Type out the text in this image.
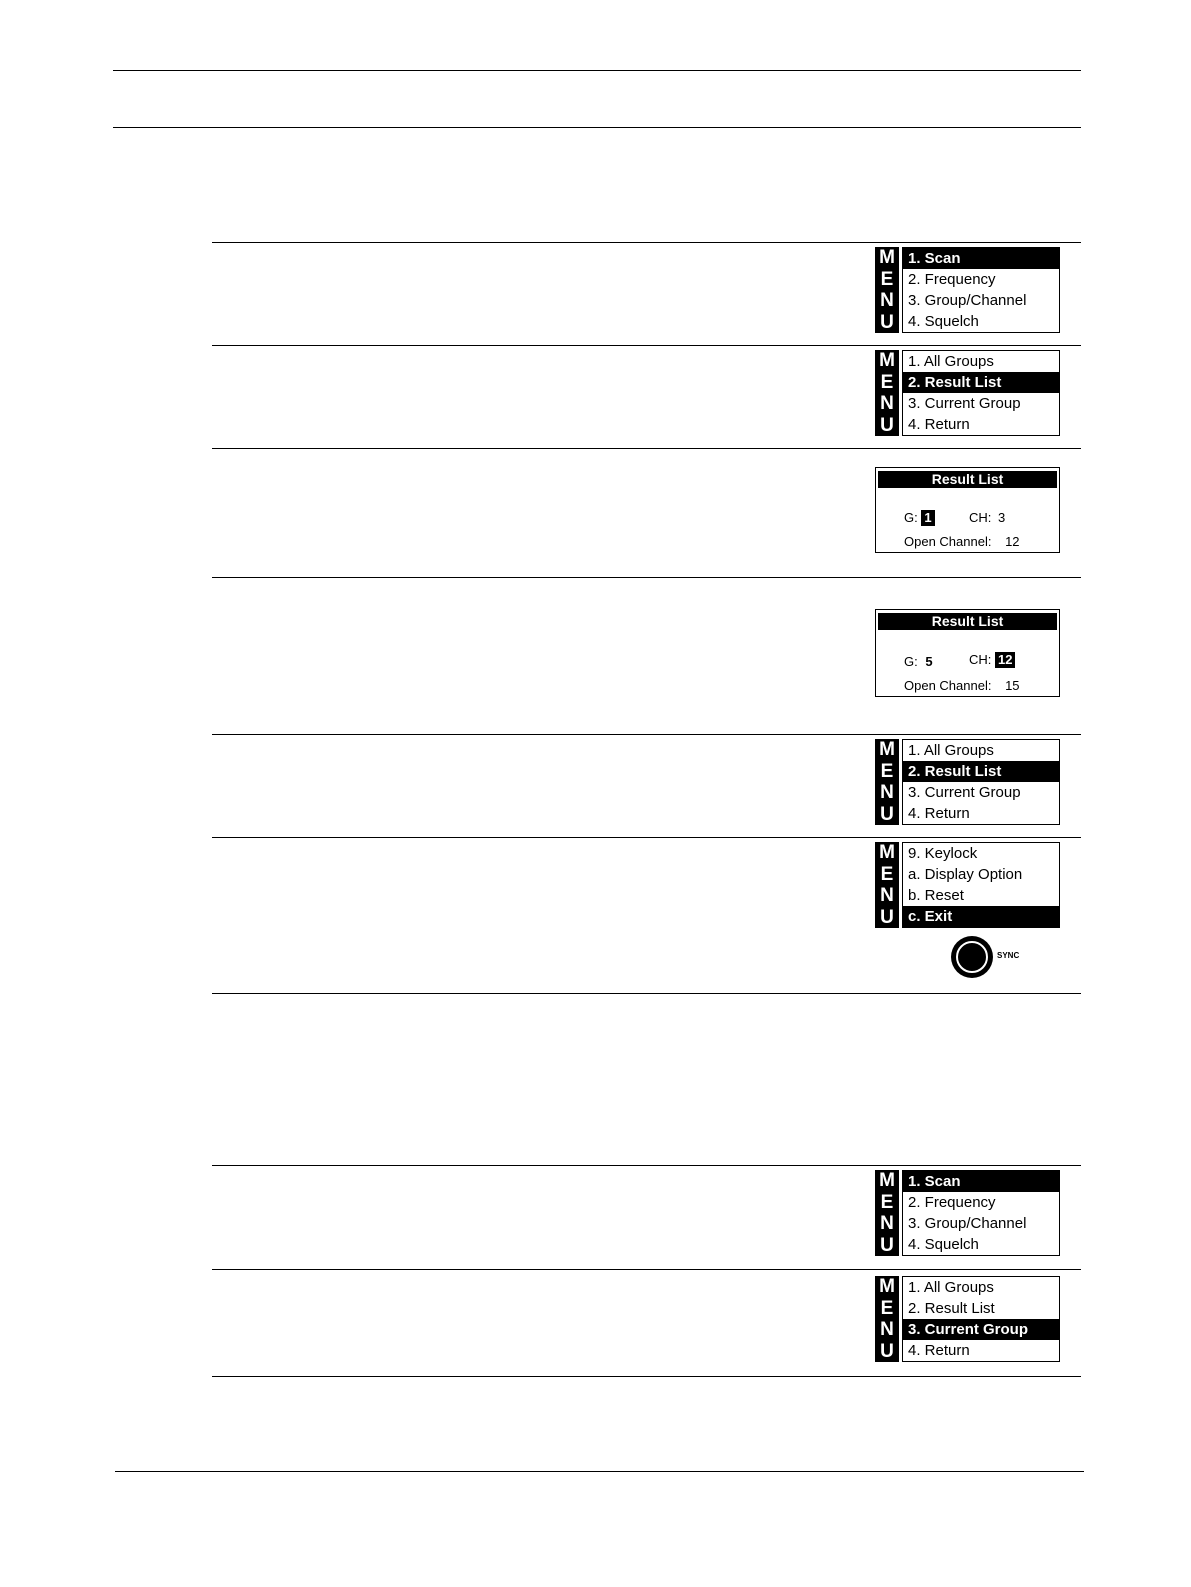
M
E
N
U
1. Scan
2. Frequency
3. Group/Channel
4. Squelch
M
E
N
U
1. All Groups
2. Result List
3. Current Group
4. Return
Result List
G: 1	CH: 3
Open Channel: 12
Result List
G: 5	CH: 12
Open Channel: 15
M
E
N
U
1. All Groups
2. Result List
3. Current Group
4. Return
M
E
N
U
9. Keylock
a. Display Option
b. Reset
c. Exit
SYNC
M
E
N
U
1. Scan
2. Frequency
3. Group/Channel
4. Squelch
M
E
N
U
1. All Groups
2. Result List
3. Current Group
4. Return
